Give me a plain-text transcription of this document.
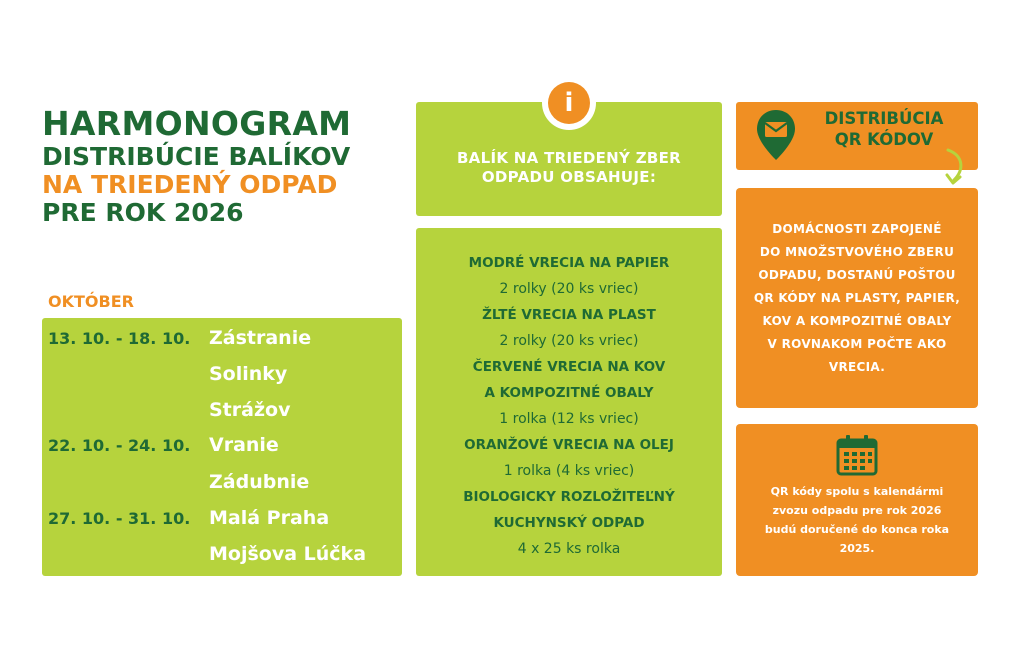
HARMONOGRAM
DISTRIBÚCIE BALÍKOV
NA TRIEDENÝ ODPAD
PRE ROK 2026
OKTÓBER
13. 10. - 18. 10. Zástranie
Solinky
Strážov
22. 10. - 24. 10. Vranie
Zádubnie
27. 10. - 31. 10. Malá Praha
Mojšova Lúčka
i
BALÍK NA TRIEDENÝ ZBER
ODPADU OBSAHUJE:
MODRÉ VRECIA NA PAPIER
2 rolky (20 ks vriec)
ŽLTÉ VRECIA NA PLAST
2 rolky (20 ks vriec)
ČERVENÉ VRECIA NA KOV
A KOMPOZITNÉ OBALY
1 rolka (12 ks vriec)
ORANŽOVÉ VRECIA NA OLEJ
1 rolka (4 ks vriec)
BIOLOGICKY ROZLOŽITEĽNÝ
KUCHYNSKÝ ODPAD
4 x 25 ks rolka
DISTRIBÚCIA
QR KÓDOV
DOMÁCNOSTI ZAPOJENÉ
DO MNOŽSTVOVÉHO ZBERU
ODPADU, DOSTANÚ POŠTOU
QR KÓDY NA PLASTY, PAPIER,
KOV A KOMPOZITNÉ OBALY
V ROVNAKOM POČTE AKO
VRECIA.
QR kódy spolu s kalendármi
zvozu odpadu pre rok 2026
budú doručené do konca roka
2025.
